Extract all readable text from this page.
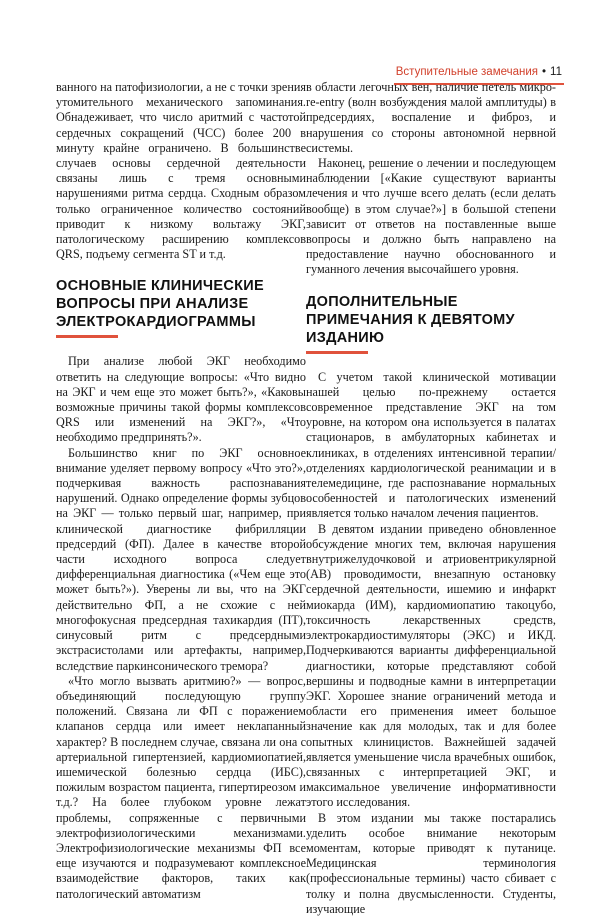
Вступительные замечания • 11

ванного на патофизиологии, а не с точки зрения утомительного механического запоминания. Обнадеживает, что число аритмий с частотой сердечных сокращений (ЧСС) более 200 в минуту крайне ограничено. В большинстве случаев основы сердечной деятельности связаны лишь с тремя основными нарушениями ритма сердца. Сходным образом только ограниченное количество состояний приводит к низкому вольтажу ЭКГ, патологическому расширению комплексов QRS, подъему сегмента ST и т.д.

ОСНОВНЫЕ КЛИНИЧЕСКИЕ ВОПРОСЫ ПРИ АНАЛИЗЕ ЭЛЕКТРОКАРДИОГРАММЫ

При анализе любой ЭКГ необходимо ответить на следующие вопросы: «Что видно на ЭКГ и чем еще это может быть?», «Каковы возможные причины такой формы комплексов QRS или изменений на ЭКГ?», «Что необходимо предпринять?».

Большинство книг по ЭКГ основное внимание уделяет первому вопросу «Что это?», подчеркивая важность распознавания нарушений. Однако определение формы зубцов на ЭКГ — только первый шаг, например, при клинической диагностике фибрилляции предсердий (ФП). Далее в качестве второй части исходного вопроса следует дифференциальная диагностика («Чем еще это может быть?»). Уверены ли вы, что на ЭКГ действительно ФП, а не схожие с ней многофокусная предсердная тахикардия (ПТ), синусовый ритм с предсердными экстрасистолами или артефакты, например, вследствие паркинсонического тремора?

«Что могло вызвать аритмию?» — вопрос, объединяющий последующую группу положений. Связана ли ФП с поражением клапанов сердца или имеет неклапанный характер? В последнем случае, связана ли она с артериальной гипертензией, кардиомиопатией, ишемической болезнью сердца (ИБС), пожилым возрастом пациента, гипертиреозом и т.д.? На более глубоком уровне лежат проблемы, сопряженные с первичными электрофизиологическими механизмами. Электрофизиологические механизмы ФП все еще изучаются и подразумевают комплексное взаимодействие факторов, таких как патологический автоматизм

в области легочных вен, наличие петель микро-re-entry (волн возбуждения малой амплитуды) в предсердиях, воспаление и фиброз, и нарушения со стороны автономной нервной системы.

Наконец, решение о лечении и последующем наблюдении [«Какие существуют варианты лечения и что лучше всего делать (если делать вообще) в этом случае?»] в большой степени зависит от ответов на поставленные выше вопросы и должно быть направлено на предоставление научно обоснованного и гуманного лечения высочайшего уровня.

ДОПОЛНИТЕЛЬНЫЕ ПРИМЕЧАНИЯ К ДЕВЯТОМУ ИЗДАНИЮ

С учетом такой клинической мотивации нашей целью по-прежнему остается современное представление ЭКГ на том уровне, на котором она используется в палатах стационаров, в амбулаторных кабинетах и клиниках, в отделениях интенсивной терапии/отделениях кардиологической реанимации и в телемедицине, где распознавание нормальных особенностей и патологических изменений является только началом лечения пациентов.

В девятом издании приведено обновленное обсуждение многих тем, включая нарушения внутрижелудочковой и атриовентрикулярной (АВ) проводимости, внезапную остановку сердечной деятельности, ишемию и инфаркт миокарда (ИМ), кардиомиопатию такоцубо, токсичность лекарственных средств, электрокардиостимуляторы (ЭКС) и ИКД. Подчеркиваются варианты дифференциальной диагностики, которые представляют собой вершины и подводные камни в интерпретации ЭКГ. Хорошее знание ограничений метода и области его применения имеет большое значение как для молодых, так и для более опытных клиницистов. Важнейшей задачей является уменьшение числа врачебных ошибок, связанных с интерпретацией ЭКГ, и максимальное увеличение информативности этого исследования.

В этом издании мы также постарались уделить особое внимание некоторым моментам, которые приводят к путанице. Медицинская терминология (профессиональные термины) часто сбивает с толку и полна двусмысленности. Студенты, изучающие
